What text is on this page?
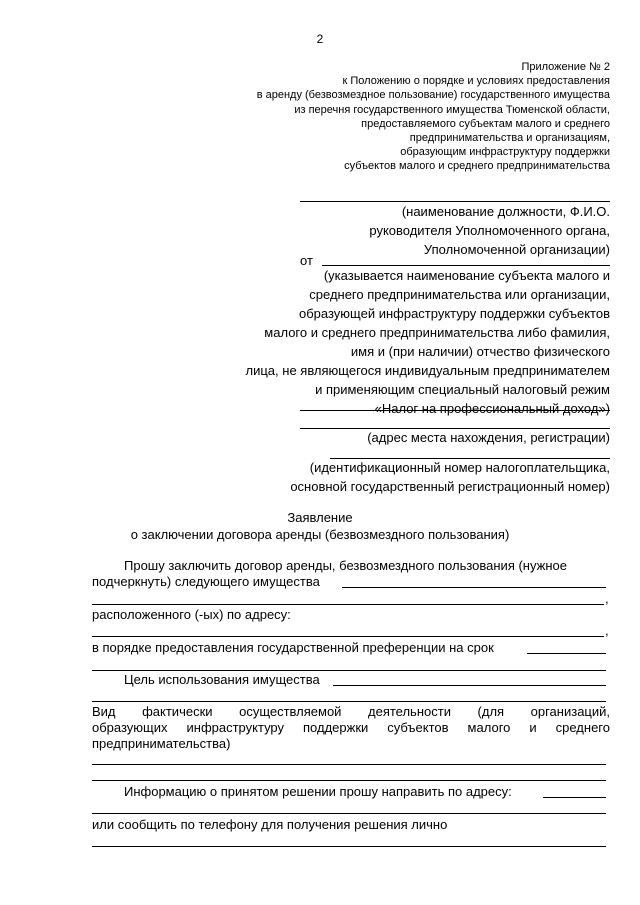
2
Приложение № 2
к Положению о порядке и условиях предоставления
в аренду (безвозмездное пользование) государственного имущества
из перечня государственного имущества Тюменской области,
предоставляемого субъектам малого и среднего
предпринимательства и организациям,
образующим инфраструктуру поддержки
субъектов малого и среднего предпринимательства
(наименование должности, Ф.И.О.
руководителя Уполномоченного органа,
Уполномоченной организации)
от
(указывается наименование субъекта малого и
среднего предпринимательства или организации,
образующей инфраструктуру поддержки субъектов
малого и среднего предпринимательства либо фамилия,
имя и (при наличии) отчество физического
лица, не являющегося индивидуальным предпринимателем
и применяющим специальный налоговый режим
«Налог на профессиональный доход»)
(адрес места нахождения, регистрации)
(идентификационный номер налогоплательщика,
основной государственный регистрационный номер)
Заявление
о заключении договора аренды (безвозмездного пользования)
Прошу заключить договор аренды, безвозмездного пользования (нужное
подчеркнуть) следующего имущества
,
расположенного (-ых) по адресу:
,
в порядке предоставления государственной преференции на срок
Цель использования имущества
Вид фактически осуществляемой деятельности (для организаций,
образующих инфраструктуру поддержки субъектов малого и среднего
предпринимательства)
Информацию о принятом решении прошу направить по адресу:
или сообщить по телефону для получения решения лично
